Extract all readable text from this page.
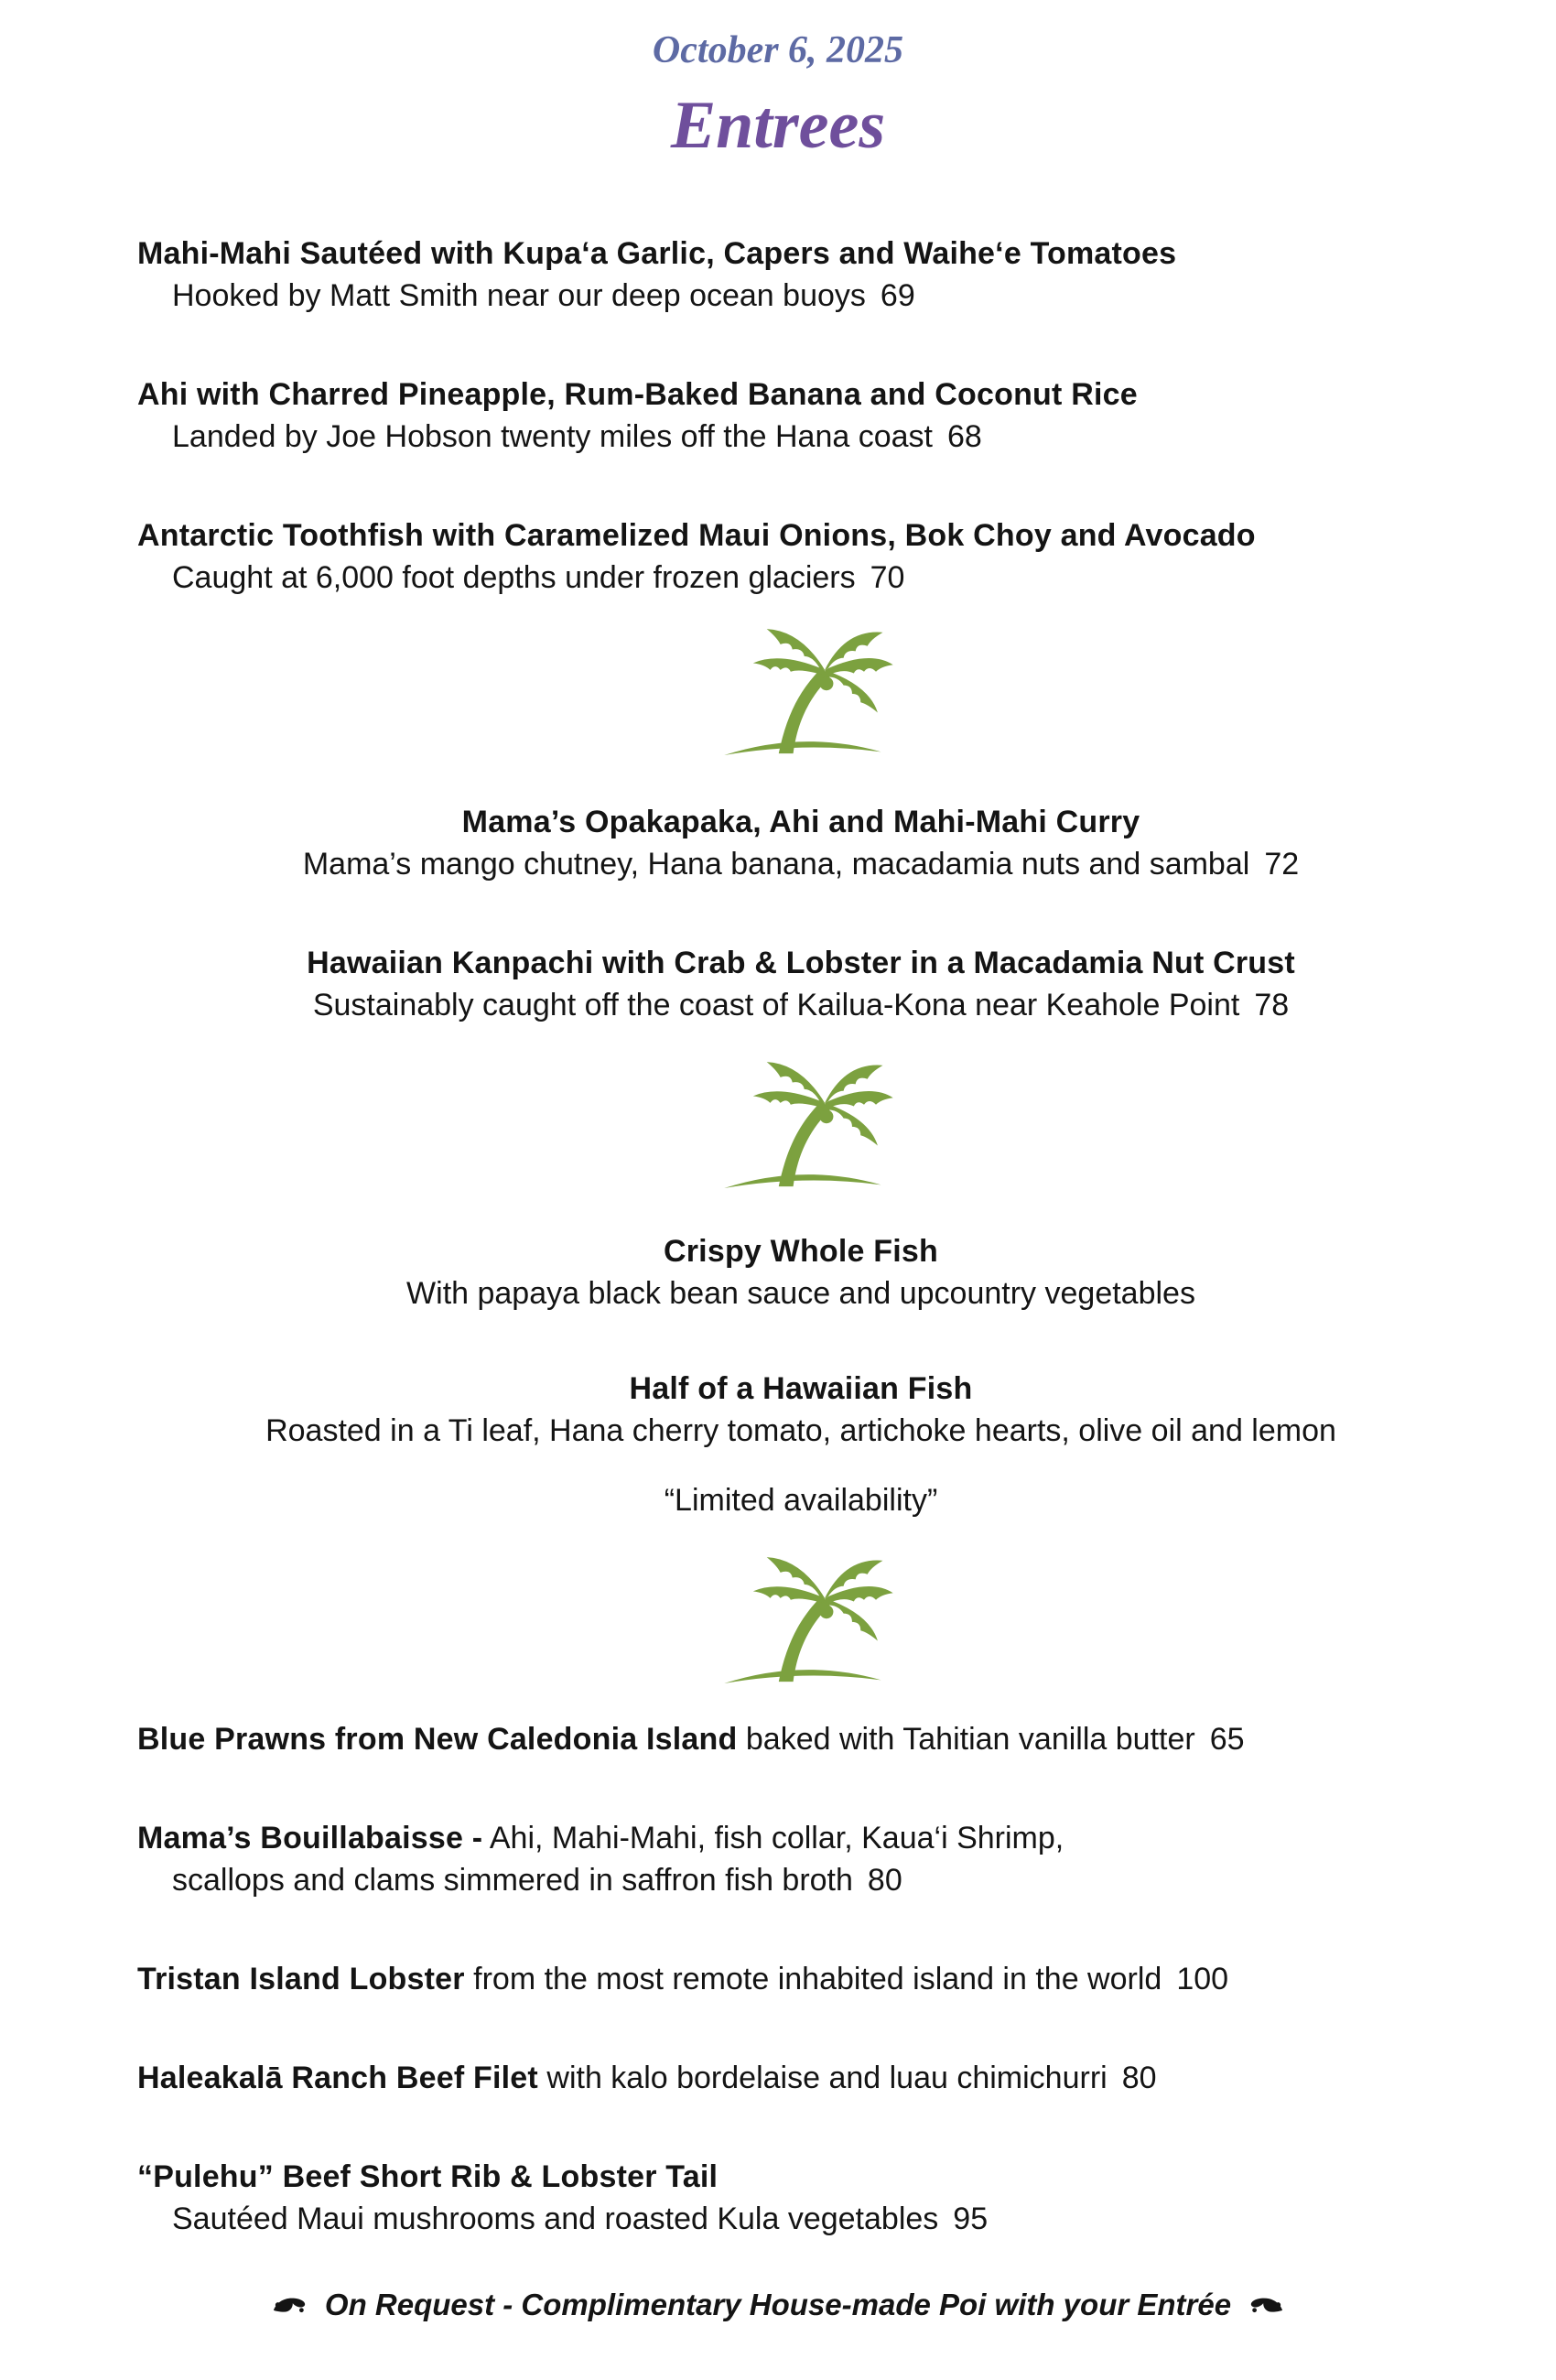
October 6, 2025
Entrees
Mahi-Mahi Sautéed with Kupa‘a Garlic, Capers and Waihe‘e Tomatoes
Hooked by Matt Smith near our deep ocean buoys 69
Ahi with Charred Pineapple, Rum-Baked Banana and Coconut Rice
Landed by Joe Hobson twenty miles off the Hana coast 68
Antarctic Toothfish with Caramelized Maui Onions, Bok Choy and Avocado
Caught at 6,000 foot depths under frozen glaciers 70
Mama’s Opakapaka, Ahi and Mahi-Mahi Curry
Mama’s mango chutney, Hana banana, macadamia nuts and sambal 72
Hawaiian Kanpachi with Crab & Lobster in a Macadamia Nut Crust
Sustainably caught off the coast of Kailua-Kona near Keahole Point 78
Crispy Whole Fish
With papaya black bean sauce and upcountry vegetables
Half of a Hawaiian Fish
Roasted in a Ti leaf, Hana cherry tomato, artichoke hearts, olive oil and lemon
“Limited availability”
Blue Prawns from New Caledonia Island baked with Tahitian vanilla butter 65
Mama’s Bouillabaisse - Ahi, Mahi-Mahi, fish collar, Kaua‘i Shrimp,
scallops and clams simmered in saffron fish broth 80
Tristan Island Lobster from the most remote inhabited island in the world 100
Haleakalā Ranch Beef Filet with kalo bordelaise and luau chimichurri 80
“Pulehu” Beef Short Rib & Lobster Tail
Sautéed Maui mushrooms and roasted Kula vegetables 95
On Request - Complimentary House-made Poi with your Entrée
